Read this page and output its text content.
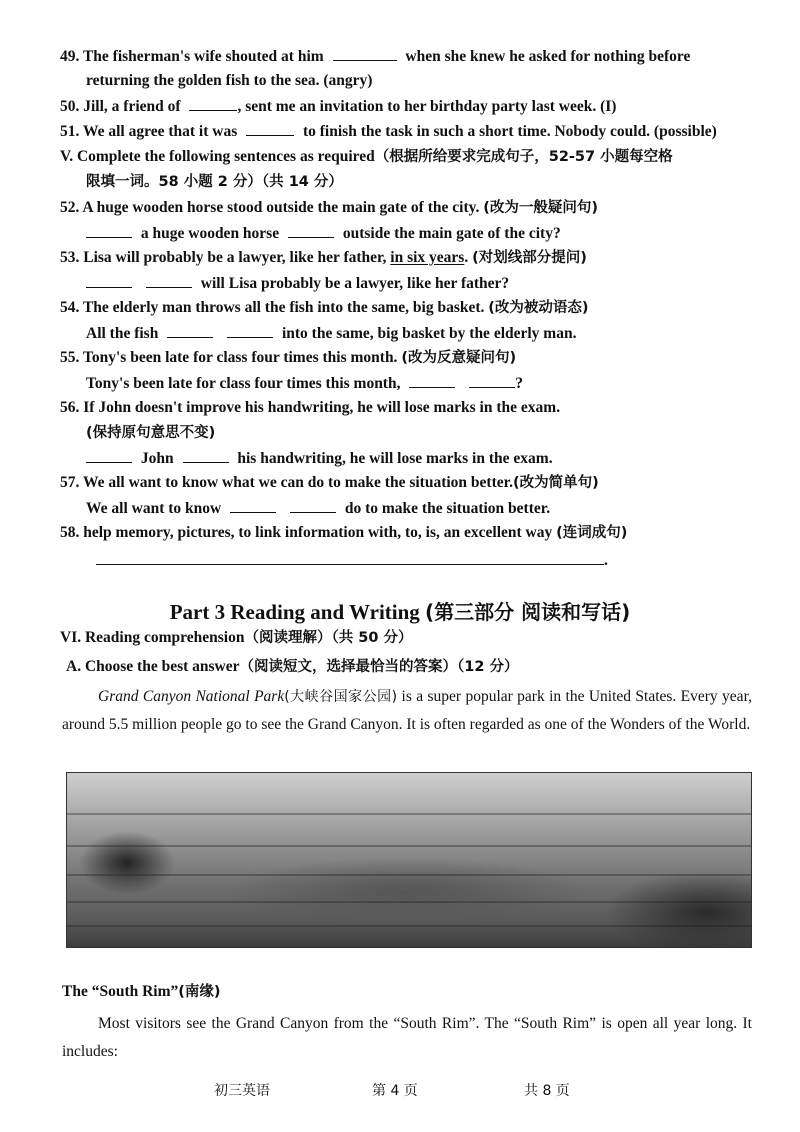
49. The fisherman's wife shouted at him	when she knew he asked for nothing before
returning the golden fish to the sea. (angry)
50. Jill, a friend of	, sent me an invitation to her birthday party last week. (I)
51. We all agree that it was	to finish the task in such a short time. Nobody could. (possible)
V. Complete the following sentences as required（根据所给要求完成句子，52-57 小题每空格
限填一词。58 小题 2 分）（共 14 分）
52. A huge wooden horse stood outside the main gate of the city. (改为一般疑问句)
a huge wooden horse	outside the main gate of the city?
53. Lisa will probably be a lawyer, like her father, in six years. (对划线部分提问)
will Lisa probably be a lawyer, like her father?
54. The elderly man throws all the fish into the same, big basket. (改为被动语态)
All the fish	into the same, big basket by the elderly man.
55. Tony's been late for class four times this month. (改为反意疑问句)
Tony's been late for class four times this month,	?
56. If John doesn't improve his handwriting, he will lose marks in the exam.
(保持原句意思不变)
John	his handwriting, he will lose marks in the exam.
57. We all want to know what we can do to make the situation better.(改为简单句)
We all want to know	do to make the situation better.
58. help memory, pictures, to link information with, to, is, an excellent way (连词成句)
.
Part 3 Reading and Writing (第三部分 阅读和写话)
VI. Reading comprehension（阅读理解）（共 50 分）
A. Choose the best answer（阅读短文，选择最恰当的答案）（12 分）
Grand Canyon National Park(大峡谷国家公园) is a super popular park in the United States. Every year, around 5.5 million people go to see the Grand Canyon. It is often regarded as one of the Wonders of the World.
The “South Rim”(南缘)
Most visitors see the Grand Canyon from the “South Rim”. The “South Rim” is open all year long. It includes:
初三英语	第 4 页	共 8 页
